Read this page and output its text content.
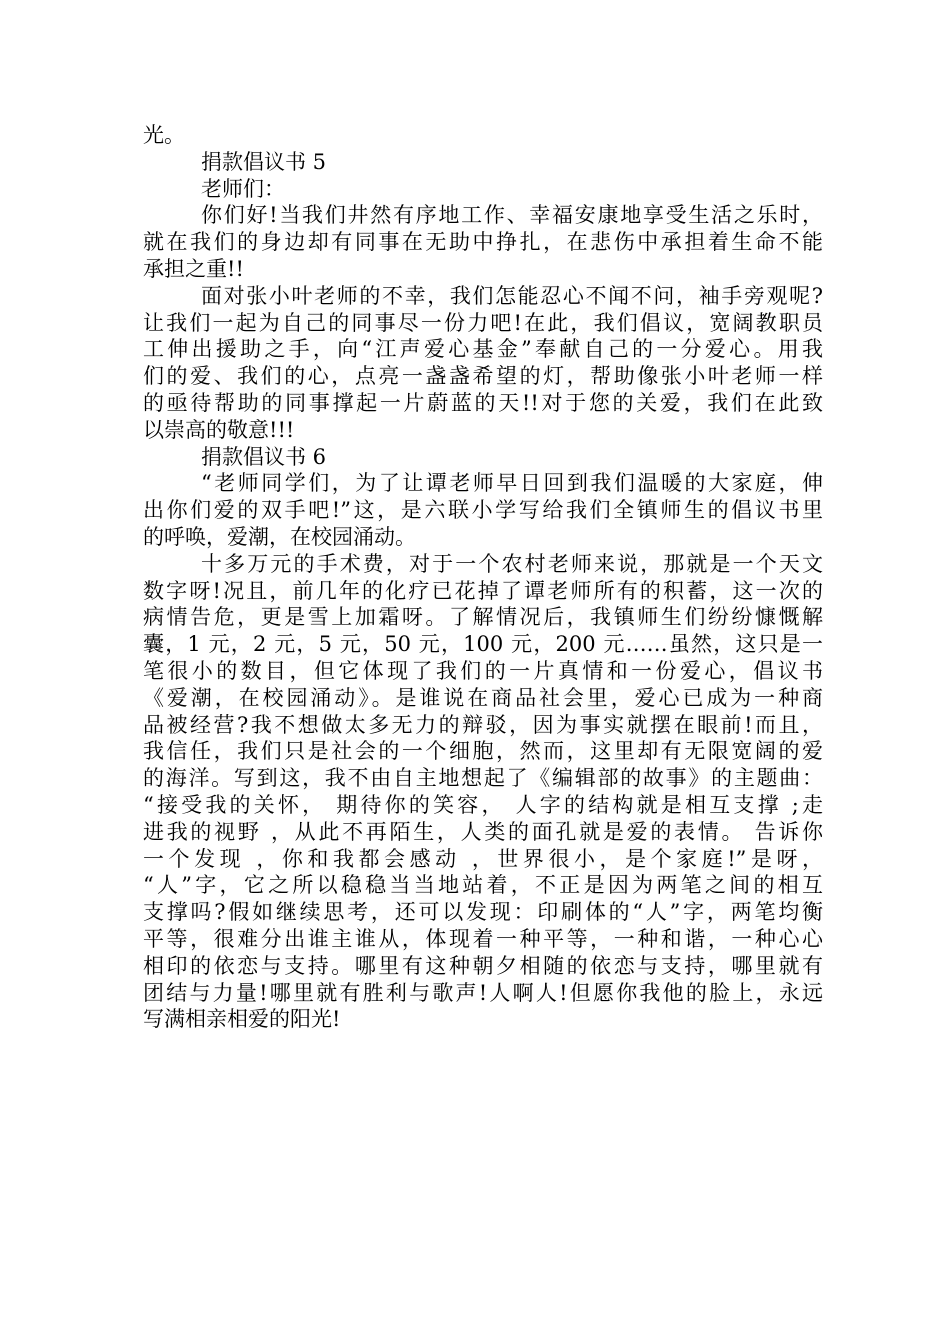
光。
捐款倡议书 5
老师们：
你们好!当我们井然有序地工作、幸福安康地享受生活之乐时，
就在我们的身边却有同事在无助中挣扎，在悲伤中承担着生命不能
承担之重!!
面对张小叶老师的不幸，我们怎能忍心不闻不问，袖手旁观呢?
让我们一起为自己的同事尽一份力吧!在此，我们倡议，宽阔教职员
工伸出援助之手，向“江声爱心基金”奉献自己的一分爱心。用我
们的爱、我们的心，点亮一盏盏希望的灯，帮助像张小叶老师一样
的亟待帮助的同事撑起一片蔚蓝的天!!对于您的关爱，我们在此致
以崇高的敬意!!!
捐款倡议书 6
“老师同学们，为了让谭老师早日回到我们温暖的大家庭，伸
出你们爱的双手吧!”这，是六联小学写给我们全镇师生的倡议书里
的呼唤，爱潮，在校园涌动。
十多万元的手术费，对于一个农村老师来说，那就是一个天文
数字呀!况且，前几年的化疗已花掉了谭老师所有的积蓄，这一次的
病情告危，更是雪上加霜呀。了解情况后，我镇师生们纷纷慷慨解
囊，1 元，2 元，5 元，50 元，100 元，200 元……虽然，这只是一
笔很小的数目，但它体现了我们的一片真情和一份爱心，倡议书
《爱潮，在校园涌动》。是谁说在商品社会里，爱心已成为一种商
品被经营?我不想做太多无力的辩驳，因为事实就摆在眼前!而且，
我信任，我们只是社会的一个细胞，然而，这里却有无限宽阔的爱
的海洋。写到这，我不由自主地想起了《编辑部的故事》的主题曲：
“接受我的关怀， 期待你的笑容， 人字的结构就是相互支撑 ;走
进我的视野 ，从此不再陌生，人类的面孔就是爱的表情。 告诉你
一个发现 ，你和我都会感动 ，世界很小，是个家庭!”是呀，
“人”字，它之所以稳稳当当地站着，不正是因为两笔之间的相互
支撑吗?假如继续思考，还可以发现：印刷体的“人”字，两笔均衡
平等，很难分出谁主谁从，体现着一种平等，一种和谐，一种心心
相印的依恋与支持。哪里有这种朝夕相随的依恋与支持，哪里就有
团结与力量!哪里就有胜利与歌声!人啊人!但愿你我他的脸上，永远
写满相亲相爱的阳光!
